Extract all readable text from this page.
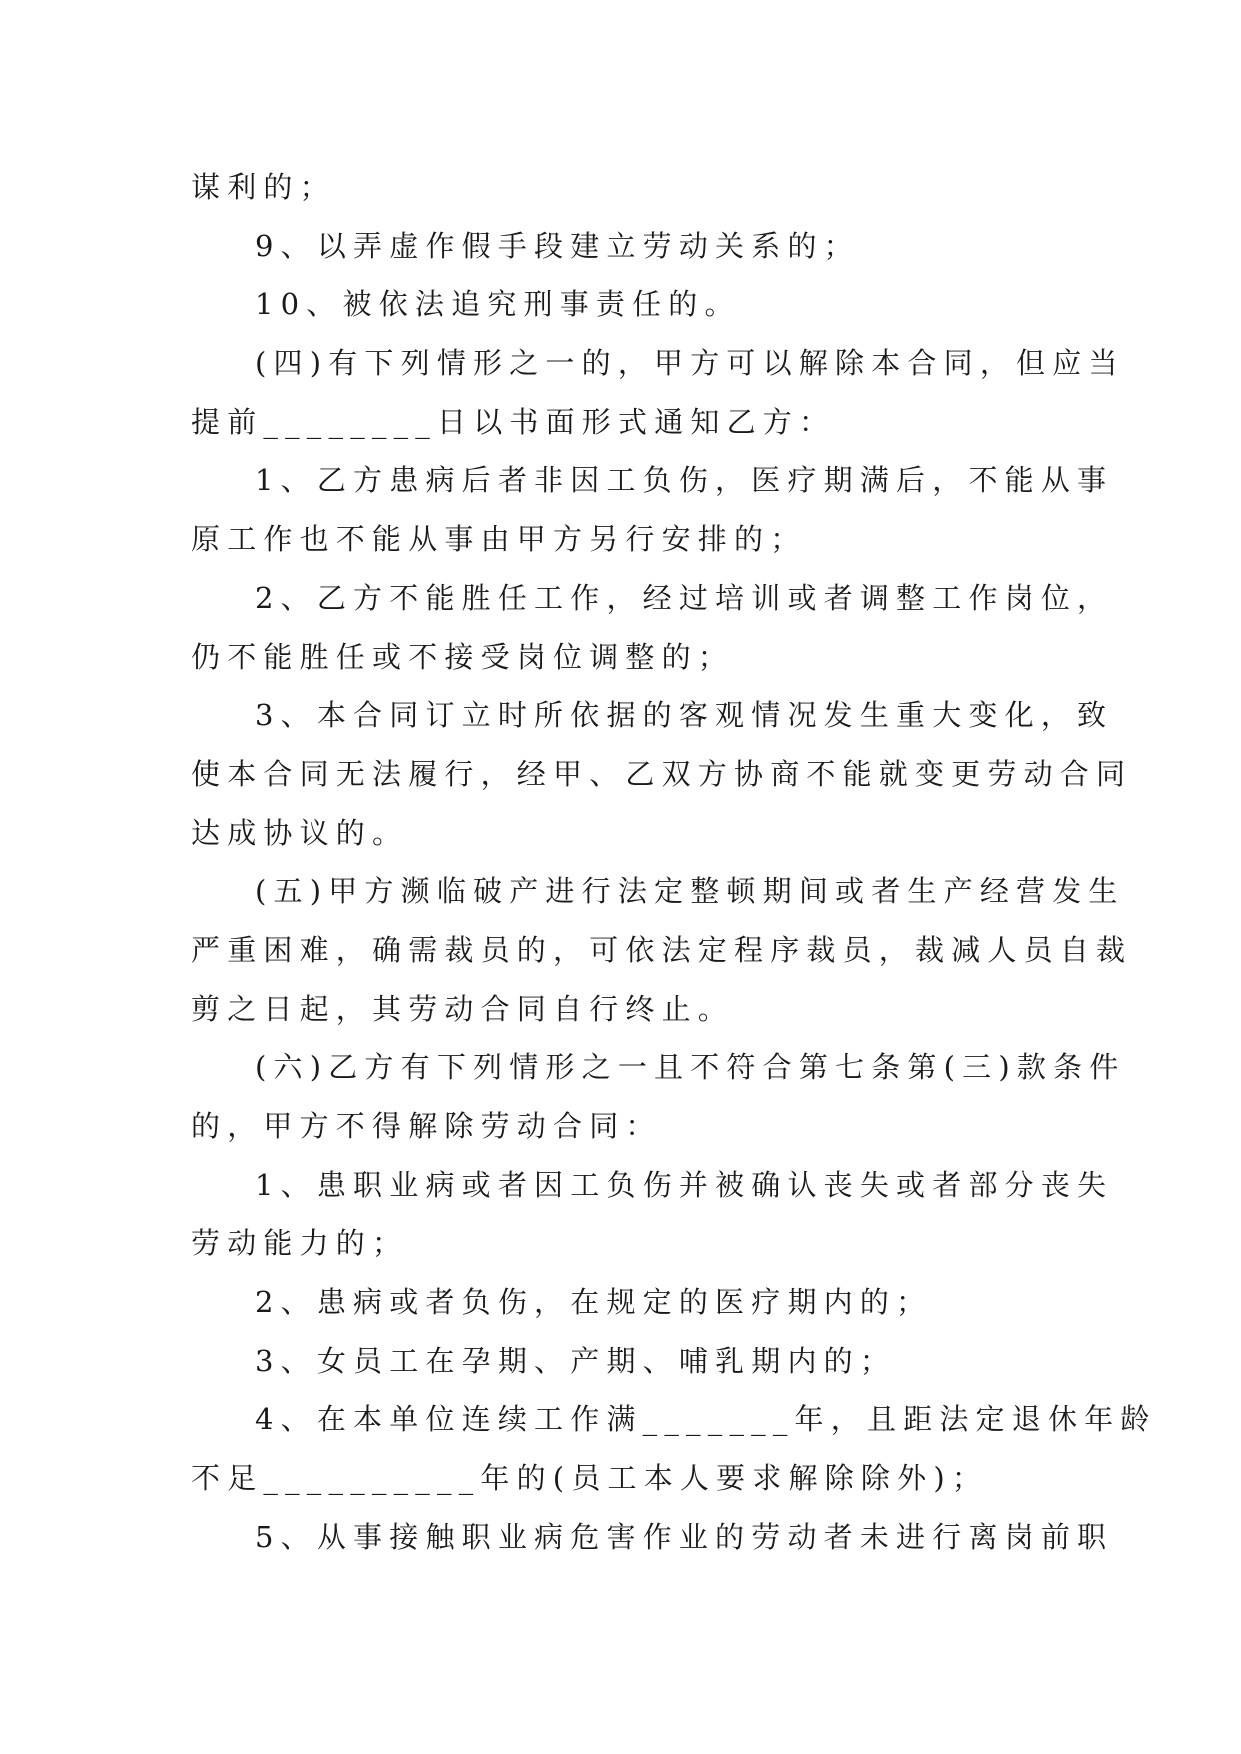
谋利的；
9、以弄虚作假手段建立劳动关系的；
10、被依法追究刑事责任的。
(四)有下列情形之一的，甲方可以解除本合同，但应当
提前________日以书面形式通知乙方：
1、乙方患病后者非因工负伤，医疗期满后，不能从事
原工作也不能从事由甲方另行安排的；
2、乙方不能胜任工作，经过培训或者调整工作岗位，
仍不能胜任或不接受岗位调整的；
3、本合同订立时所依据的客观情况发生重大变化，致
使本合同无法履行，经甲、乙双方协商不能就变更劳动合同
达成协议的。
(五)甲方濒临破产进行法定整顿期间或者生产经营发生
严重困难，确需裁员的，可依法定程序裁员，裁减人员自裁
剪之日起，其劳动合同自行终止。
(六)乙方有下列情形之一且不符合第七条第(三)款条件
的，甲方不得解除劳动合同：
1、患职业病或者因工负伤并被确认丧失或者部分丧失
劳动能力的；
2、患病或者负伤，在规定的医疗期内的；
3、女员工在孕期、产期、哺乳期内的；
4、在本单位连续工作满_______年，且距法定退休年龄
不足__________年的(员工本人要求解除除外)；
5、从事接触职业病危害作业的劳动者未进行离岗前职
